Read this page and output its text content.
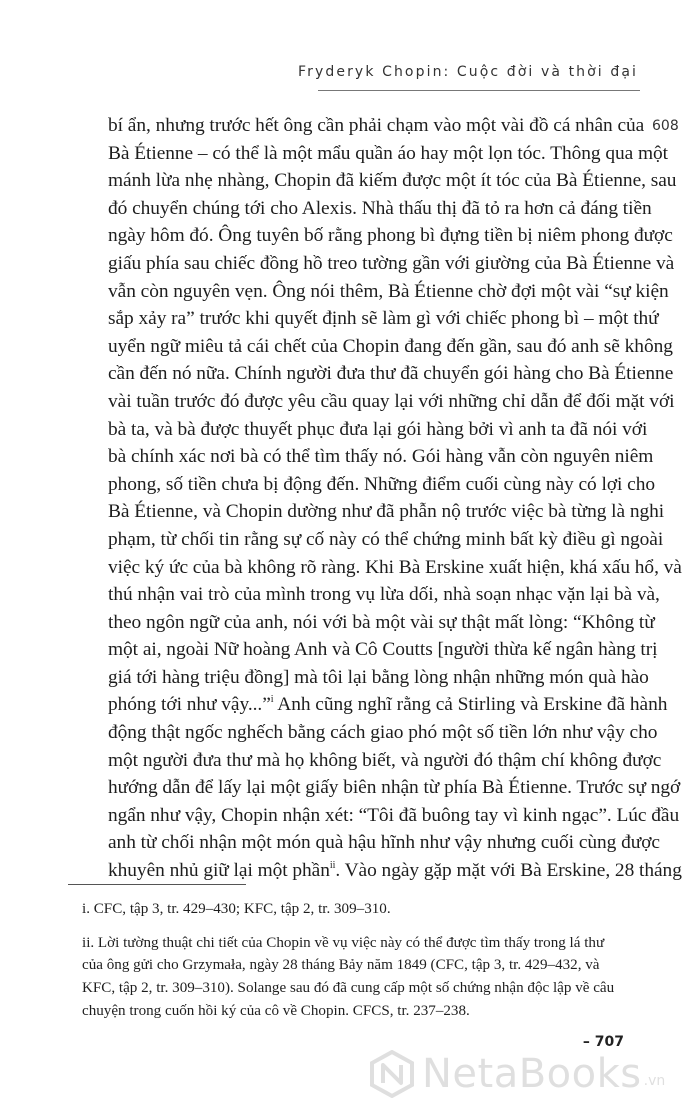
Fryderyk Chopin: Cuộc đời và thời đại
608
bí ẩn, nhưng trước hết ông cần phải chạm vào một vài đồ cá nhân của
Bà Étienne – có thể là một mẩu quần áo hay một lọn tóc. Thông qua một
mánh lừa nhẹ nhàng, Chopin đã kiếm được một ít tóc của Bà Étienne, sau
đó chuyển chúng tới cho Alexis. Nhà thấu thị đã tỏ ra hơn cả đáng tiền
ngày hôm đó. Ông tuyên bố rằng phong bì đựng tiền bị niêm phong được
giấu phía sau chiếc đồng hồ treo tường gần với giường của Bà Étienne và
vẫn còn nguyên vẹn. Ông nói thêm, Bà Étienne chờ đợi một vài “sự kiện
sắp xảy ra” trước khi quyết định sẽ làm gì với chiếc phong bì – một thứ
uyển ngữ miêu tả cái chết của Chopin đang đến gần, sau đó anh sẽ không
cần đến nó nữa. Chính người đưa thư đã chuyển gói hàng cho Bà Étienne
vài tuần trước đó được yêu cầu quay lại với những chỉ dẫn để đối mặt với
bà ta, và bà được thuyết phục đưa lại gói hàng bởi vì anh ta đã nói với
bà chính xác nơi bà có thể tìm thấy nó. Gói hàng vẫn còn nguyên niêm
phong, số tiền chưa bị động đến. Những điểm cuối cùng này có lợi cho
Bà Étienne, và Chopin dường như đã phẫn nộ trước việc bà từng là nghi
phạm, từ chối tin rằng sự cố này có thể chứng minh bất kỳ điều gì ngoài
việc ký ức của bà không rõ ràng. Khi Bà Erskine xuất hiện, khá xấu hổ, và
thú nhận vai trò của mình trong vụ lừa dối, nhà soạn nhạc vặn lại bà và,
theo ngôn ngữ của anh, nói với bà một vài sự thật mất lòng: “Không từ
một ai, ngoài Nữ hoàng Anh và Cô Coutts [người thừa kế ngân hàng trị
giá tới hàng triệu đồng] mà tôi lại bằng lòng nhận những món quà hào
phóng tới như vậy...”$^i$ Anh cũng nghĩ rằng cả Stirling và Erskine đã hành
động thật ngốc nghếch bằng cách giao phó một số tiền lớn như vậy cho
một người đưa thư mà họ không biết, và người đó thậm chí không được
hướng dẫn để lấy lại một giấy biên nhận từ phía Bà Étienne. Trước sự ngớ
ngẩn như vậy, Chopin nhận xét: “Tôi đã buông tay vì kinh ngạc”. Lúc đầu
anh từ chối nhận một món quà hậu hĩnh như vậy nhưng cuối cùng được
khuyên nhủ giữ lại một phần$^{ii}$. Vào ngày gặp mặt với Bà Erskine, 28 tháng
i. CFC, tập 3, tr. 429–430; KFC, tập 2, tr. 309–310.
ii. Lời tường thuật chi tiết của Chopin về vụ việc này có thể được tìm thấy trong lá thư
của ông gửi cho Grzymała, ngày 28 tháng Bảy năm 1849 (CFC, tập 3, tr. 429–432, và
KFC, tập 2, tr. 309–310). Solange sau đó đã cung cấp một số chứng nhận độc lập về câu
chuyện trong cuốn hồi ký của cô về Chopin. CFCS, tr. 237–238.
– 707
NetaBooks .vn
